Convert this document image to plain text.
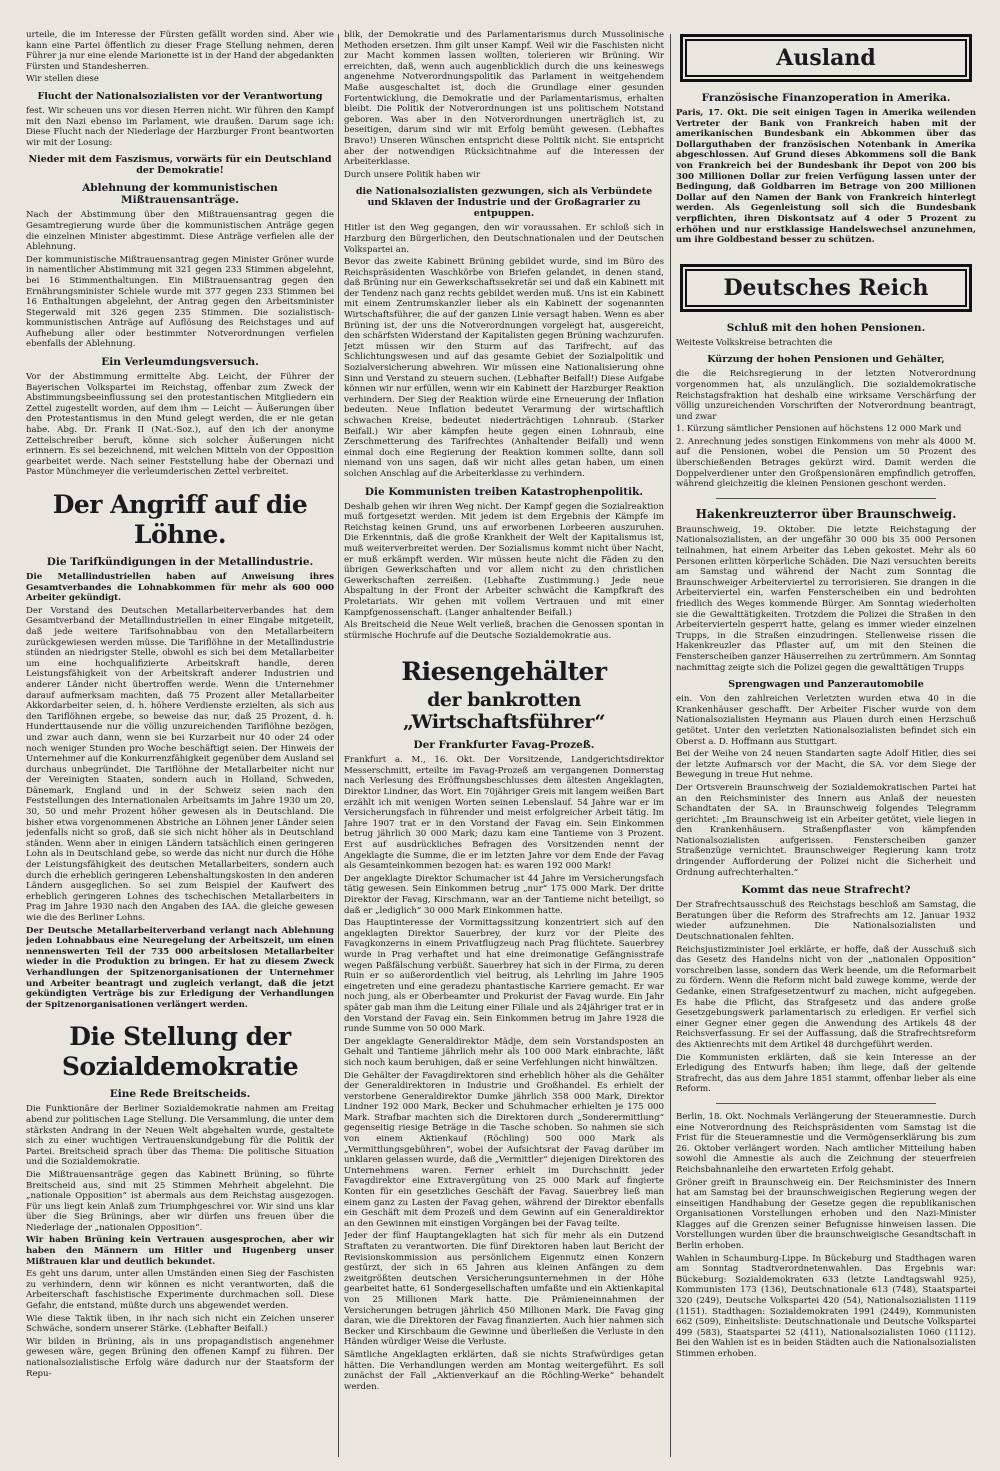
urteile, die im Interesse der Fürsten gefällt worden sind. Aber wie kann eine Partei öffentlich zu dieser Frage Stellung nehmen, deren Führer ja nur eine elende Marionette ist in der Hand der abgedankten Fürsten und Standesherren.

Wir stellen diese

Flucht der Nationalsozialisten vor der Verantwortung

fest. Wir scheuen uns vor diesen Herren nicht. Wir führen den Kampf mit den Nazi ebenso im Parlament, wie draußen. Darum sage ich: Diese Flucht nach der Niederlage der Harzburger Front beantworten wir mit der Losung:

Nieder mit dem Faszismus, vorwärts für ein Deutschland der Demokratie!
Ablehnung der kommunistischen Mißtrauensanträge.

Nach der Abstimmung über den Mißtrauensantrag gegen die Gesamtregierung wurde über die kommunistischen Anträge gegen die einzelnen Minister abgestimmt. Diese Anträge verfielen alle der Ablehnung.

Der kommunistische Mißtrauensantrag gegen Minister Gröner wurde in namentlicher Abstimmung mit 321 gegen 233 Stimmen abgelehnt, bei 16 Stimmenthaltungen. Ein Mißtrauensantrag gegen den Ernährungsminister Schiele wurde mit 377 gegen 233 Stimmen bei 16 Enthaltungen abgelehnt, der Antrag gegen den Arbeitsminister Stegerwald mit 326 gegen 235 Stimmen. Die sozialistisch-kommunistischen Anträge auf Auflösung des Reichstages und auf Aufhebung aller oder bestimmter Notverordnungen verfielen ebenfalls der Ablehnung.

Ein Verleumdungsversuch.

Vor der Abstimmung ermittelte Abg. Leicht, der Führer der Bayerischen Volkspartei im Reichstag, offenbar zum Zweck der Abstimmungsbeeinflussung sei den protestantischen Mitgliedern ein Zettel zugestellt worden, auf dem ihm — Leicht — Äußerungen über den Protestantismus in den Mund gelegt werden, die er nie getan habe. Abg. Dr. Frank II (Nat.-Soz.), auf den ich der anonyme Zettelschreiber beruft, könne sich solcher Äußerungen nicht erinnern. Es sei bezeichnend, mit welchen Mitteln von der Opposition gearbeitet werde. Nach seiner Feststellung habe der Obernazi und Pastor Münchmeyer die verleumderischen Zettel verbreitet.

Der Angriff auf die Löhne.
Die Tarifkündigungen in der Metallindustrie.

Die Metallindustriellen haben auf Anweisung ihres Gesamtverbandes die Lohnabkommen für mehr als 600 000 Arbeiter gekündigt.

Der Vorstand des Deutschen Metallarbeiterverbandes hat dem Gesamtverband der Metallindustriellen in einer Eingabe mitgeteilt, daß jede weitere Tarifsohnabbau von den Metallarbeitern zurückgewiesen werden müsse. Die Tariflöhne in der Metallindustrie stünden an niedrigster Stelle, obwohl es sich bei dem Metallarbeiter um eine hochqualifizierte Arbeitskraft handle, deren Leistungsfähigkeit von der Arbeitskraft anderer Industrien und anderer Länder nicht übertroffen werde. Wenn die Unternehmer darauf aufmerksam machten, daß 75 Prozent aller Metallarbeiter Akkordarbeiter seien, d. h. höhere Verdienste erzielten, als sich aus den Tariflöhnen ergebe, so beweise das nur, daß 25 Prozent, d. h. Hunderttausende nur die völlig unzureichenden Tariflöhne bezögen, und zwar auch dann, wenn sie bei Kurzarbeit nur 40 oder 24 oder noch weniger Stunden pro Woche beschäftigt seien. Der Hinweis der Unternehmer auf die Konkurrenzfähigkeit gegenüber dem Ausland sei durchaus unbegründet. Die Tariflöhne der Metallarbeiter nicht nur der Vereinigten Staaten, sondern auch in Holland, Schweden, Dänemark, England und in der Schweiz seien nach den Feststellungen des Internationalen Arbeitsamts im Jahre 1930 um 20, 30, 50 und mehr Prozent höher gewesen als in Deutschland. Die bisher etwa vorgenommenen Abstriche an Löhnen jener Länder seien jedenfalls nicht so groß, daß sie sich nicht höher als in Deutschland ständen. Wenn aber in einigen Ländern tatsächlich einen geringeren Lohn als in Deutschland gebe, so werde das nicht nur durch die Höhe der Leistungsfähigkeit des deutschen Metallarbeiters, sondern auch durch die erheblich geringeren Lebenshaltungskosten in den anderen Ländern ausgeglichen. So sei zum Beispiel der Kaufwert des erheblich geringeren Lohnes des tschechischen Metallarbeiters in Prag im Jahre 1930 nach den Angaben des IAA. die gleiche gewesen wie die des Berliner Lohns.

Der Deutsche Metallarbeiterverband verlangt nach Ablehnung jeden Lohnabbaus eine Neuregelung der Arbeitszeit, um einen nennenswerten Teil der 735 000 arbeitslosen Metallarbeiter wieder in die Produktion zu bringen. Er hat zu diesem Zweck Verhandlungen der Spitzenorganisationen der Unternehmer und Arbeiter beantragt und zugleich verlangt, daß die jetzt gekündigten Verträge bis zur Erledigung der Verhandlungen der Spitzenorganisationen verlängert werden.

Die Stellung der Sozialdemokratie
Eine Rede Breitscheids.

Die Funktionäre der Berliner Sozialdemokratie nahmen am Freitag abend zur politischen Lage Stellung. Die Versammlung, die unter dem stärksten Andrang in der Neuen Welt abgehalten wurde, gestaltete sich zu einer wuchtigen Vertrauenskundgebung für die Politik der Partei. Breitscheid sprach über das Thema: Die politische Situation und die Sozialdemokratie.

Die Mißtrauensanträge gegen das Kabinett Brüning, so führte Breitscheid aus, sind mit 25 Stimmen Mehrheit abgelehnt. Die „nationale Opposition“ ist abermals aus dem Reichstag ausgezogen. Für uns liegt kein Anlaß zum Triumphgeschrei vor. Wir sind uns klar über die Sieg Brünings, aber wir dürfen uns freuen über die Niederlage der „nationalen Opposition“.

Wir haben Brüning kein Vertrauen ausgesprochen, aber wir haben den Männern um Hitler und Hugenberg unser Mißtrauen klar und deutlich bekundet.

Es geht uns darum, unter allen Umständen einen Sieg der Faschisten zu verhindern, denn wir können es nicht verantworten, daß die Arbeiterschaft faschistische Experimente durchmachen soll. Diese Gefahr, die entstand, müßte durch uns abgewendet werden.

Wie diese Taktik üben, in ihr nach sich nicht ein Zeichen unserer Schwäche, sondern unserer Stärke. (Lebhafter Beifall.)

Wir bilden in Brüning, als in uns propagandistisch angenehmer gewesen wäre, gegen Brüning den offenen Kampf zu führen. Der nationalsozialistische Erfolg wäre dadurch nur der Staatsform der Repu-

blik, der Demokratie und des Parlamentarismus durch Mussolinische Methoden ersetzen. Ihm gilt unser Kampf. Weil wir die Faschisten nicht zur Macht kommen lassen wollten, tolerieren wir Brüning. Wir erreichten, daß, wenn auch augenblicklich durch die uns keineswegs angenehme Notverordnungspolitik das Parlament in weitgehendem Maße ausgeschaltet ist, doch die Grundlage einer gesunden Fortentwicklung, die Demokratie und der Parlamentarismus, erhalten bleibt. Die Politik der Notverordnungen ist uns politischem Notstand geboren. Was aber in den Notverordnungen unerträglich ist, zu beseitigen, darum sind wir mit Erfolg bemüht gewesen. (Lebhaftes Bravo!) Unseren Wünschen entspricht diese Politik nicht. Sie entspricht aber der notwendigen Rücksichtnahme auf die Interessen der Arbeiterklasse.

Durch unsere Politik haben wir

die Nationalsozialisten gezwungen, sich als Verbündete und Sklaven der Industrie und der Großagrarier zu entpuppen.

Hitler ist den Weg gegangen, den wir voraussahen. Er schloß sich in Harzburg den Bürgerlichen, den Deutschnationalen und der Deutschen Volkspartei an.

Bevor das zweite Kabinett Brüning gebildet wurde, sind im Büro des Reichspräsidenten Waschkörbe von Briefen gelandet, in denen stand, daß Brüning nur ein Gewerkschaftssekretär sei und daß ein Kabinett mit der Tendenz nach ganz rechts gebildet werden muß. Uns ist ein Kabinett mit einem Zentrumskanzler lieber als ein Kabinett der sogenannten Wirtschaftsführer, die auf der ganzen Linie versagt haben. Wenn es aber Brüning ist, der uns die Notverordnungen vorgelegt hat, ausgereicht, den schärfsten Widerstand der Kapitalisten gegen Brüning wachzurufen. Jetzt müssen wir den Sturm auf das Tarifrecht, auf das Schlichtungswesen und auf das gesamte Gebiet der Sozialpolitik und Sozialversicherung abwehren. Wir müssen eine Nationalisierung ohne Sinn und Verstand zu steuern suchen. (Lebhafter Beifall!) Diese Aufgabe können wir nur erfüllen, wenn wir ein Kabinett der Harzburger Reaktion verhindern. Der Sieg der Reaktion würde eine Erneuerung der Inflation bedeuten. Neue Inflation bedeutet Verarmung der wirtschaftlich schwachen Kreise, bedeutet niederträchtigen Lohnraub. (Starker Beifall.) Wir aber kämpfen heute gegen einen Lohnraub, eine Zerschmetterung des Tarifrechtes (Anhaltender Beifall) und wenn einmal doch eine Regierung der Reaktion kommen sollte, dann soll niemand von uns sagen, daß wir nicht alles getan haben, um einen solchen Anschlag auf die Arbeiterklasse zu verhindern.

Die Kommunisten treiben Katastrophenpolitik.

Deshalb gehen wir ihren Weg nicht. Der Kampf gegen die Sozialreaktion muß fortgesetzt werden. Mit jedem ist dem Ergebnis der Kämpfe im Reichstag keinen Grund, uns auf erworbenen Lorbeeren auszuruhen. Die Erkenntnis, daß die große Krankheit der Welt der Kapitalismus ist, muß weiterverbreitet werden. Der Sozialismus kommt nicht über Nacht, er muß erkämpft werden. Wir müssen heute nicht die Fäden zu den übrigen Gewerkschaften und vor allem nicht zu den christlichen Gewerkschaften zerreißen. (Lebhafte Zustimmung.) Jede neue Abspaltung in der Front der Arbeiter schwächt die Kampfkraft des Proletariats. Wir gehen mit vollem Vertrauen und mit einer Kampfgenossenschaft. (Langer anhaltender Beifall.)

Als Breitscheid die Neue Welt verließ, brachen die Genossen spontan in stürmische Hochrufe auf die Deutsche Sozialdemokratie aus.

Riesengehälter
der bankrotten „Wirtschaftsführer“
Der Frankfurter Favag-Prozeß.

Frankfurt a. M., 16. Okt. Der Vorsitzende, Landgerichtsdirektor Messerschmitt, erteilte im Favag-Prozeß am vergangenen Donnerstag nach Verlesung des Eröffnungsbeschlusses dem ältesten Angeklagten, Direktor Lindner, das Wort. Ein 70jähriger Greis mit langem weißen Bart erzählt ich mit wenigen Worten seinen Lebenslauf. 54 Jahre war er im Versicherungsfach in führender und meist erfolgreicher Arbeit tätig. Im Jahre 1907 trat er in den Vorstand der Favag ein. Sein Einkommen betrug jährlich 30 000 Mark; dazu kam eine Tantieme von 3 Prozent. Erst auf ausdrückliches Befragen des Vorsitzenden nennt der Angeklagte die Summe, die er im letzten Jahre vor dem Ende der Favag als Gesamteinkommen bezogen hat: es waren 192 000 Mark!

Der angeklagte Direktor Schumacher ist 44 Jahre im Versicherungsfach tätig gewesen. Sein Einkommen betrug „nur“ 175 000 Mark. Der dritte Direktor der Favag, Kirschmann, war an der Tantieme nicht beteiligt, so daß er „lediglich“ 30 000 Mark Einkommen hatte.

Das Hauptinteresse der Vormittagssitzung konzentriert sich auf den angeklagten Direktor Sauerbrey, der kurz vor der Pleite des Favagkonzerns in einem Privatflugzeug nach Prag flüchtete. Sauerbrey wurde in Prag verhaftet und hat eine dreimonatige Gefängnisstrafe wegen Paßfälschung verbüßt. Sauerbrey hat sich in der Firma, zu deren Ruin er so außerordentlich viel beitrug, als Lehrling im Jahre 1905 eingetreten und eine geradezu phantastische Karriere gemacht. Er war noch jung, als er Oberbeamter und Prokurist der Favag wurde. Ein Jahr später gab man ihm die Leitung einer Filiale und als 24jähriger trat er in den Vorstand der Favag ein. Sein Einkommen betrug im Jahre 1928 die runde Summe von 50 000 Mark.

Der angeklagte Generaldirektor Mädje, dem sein Vorstandsposten an Gehalt und Tantieme jährlich mehr als 100 000 Mark einbrachte, läßt sich noch kaum beruhigen, daß er seine Verfehlungen nicht hinwältzen.

Die Gehälter der Favagdirektoren sind erheblich höher als die Gehälter der Generaldirektoren in Industrie und Großhandel. Es erhielt der verstorbene Generaldirektor Dumke jährlich 358 000 Mark, Direktor Lindner 192 000 Mark, Becker und Schuhmacher erhielten je 175 000 Mark. Strafbar machten sich die Direktoren durch „Sonderermittlung“ gegenseitig riesige Beträge in die Tasche schoben. So nahmen sie sich von einem Aktienkauf (Röchling) 500 000 Mark als „Vermittlungsgebühren“, wobei der Aufsichtsrat der Favag darüber im unklaren gelassen wurde, daß die „Vermittler“ diejenigen Direktoren des Unternehmens waren. Ferner erhielt im Durchschnitt jeder Favagdirektor eine Extravergütung von 25 000 Mark auf fingierte Konten für ein gesetzliches Geschäft der Favag. Sauerbrey ließ man einem ganz zu Lasten der Favag gehen, während der Direktor ebenfalls ein Geschäft mit dem Prozeß und dem Gewinn auf ein Generaldirektor an den Gewinnen mit einstigen Vorgängen bei der Favag teilte.

Jeder der fünf Hauptangeklagten hat sich für mehr als ein Dutzend Straftaten zu verantworten. Die fünf Direktoren haben laut Bericht der Revisionskommission aus persönlichem Eigennutz einen Konzern gestürzt, der sich in 65 Jahren aus kleinen Anfängen zu dem zweitgrößten deutschen Versicherungsunternehmen in der Höhe gearbeitet hatte, 61 Sondergesellschaften umfaßte und ein Aktienkapital von 25 Millionen Mark hatte. Die Prämieneinnahmen der Versicherungen betrugen jährlich 450 Millionen Mark. Die Favag ging daran, wie die Direktoren der Favag finanzierten. Auch hier nahmen sich Becker und Kirschbaum die Gewinne und überließen die Verluste in den Händen würdiger Weise die Verluste.

Sämtliche Angeklagten erklärten, daß sie nichts Strafwürdiges getan hätten. Die Verhandlungen werden am Montag weitergeführt. Es soll zunächst der Fall „Aktienverkauf an die Röchling-Werke“ behandelt werden.

Ausland
Französische Finanzoperation in Amerika.

Paris, 17. Okt. Die seit einigen Tagen in Amerika weilenden Vertreter der Bank von Frankreich haben mit der amerikanischen Bundesbank ein Abkommen über das Dollarguthaben der französischen Notenbank in Amerika abgeschlossen. Auf Grund dieses Abkommens soll die Bank von Frankreich bei der Bundesbank ihr Depot von 200 bis 300 Millionen Dollar zur freien Verfügung lassen unter der Bedingung, daß Goldbarren im Betrage von 200 Millionen Dollar auf den Namen der Bank von Frankreich hinterlegt werden. Als Gegenleistung soll sich die Bundesbank verpflichten, ihren Diskontsatz auf 4 oder 5 Prozent zu erhöhen und nur erstklassige Handelswechsel anzunehmen, um ihre Goldbestand besser zu schützen.

Deutsches Reich
Schluß mit den hohen Pensionen.

Weiteste Volkskreise betrachten die

Kürzung der hohen Pensionen und Gehälter,

die die Reichsregierung in der letzten Notverordnung vorgenommen hat, als unzulänglich. Die sozialdemokratische Reichstagsfraktion hat deshalb eine wirksame Verschärfung der völlig unzureichenden Vorschriften der Notverordnung beantragt, und zwar

1. Kürzung sämtlicher Pensionen auf höchstens 12 000 Mark und

2. Anrechnung jedes sonstigen Einkommens von mehr als 4000 M. auf die Pensionen, wobei die Pension um 50 Prozent des überschießenden Betrages gekürzt wird. Damit werden die Doppelverdiener unter den Großpensionären empfindlich getroffen, während gleichzeitig die kleinen Pensionen geschont werden.

Hakenkreuzterror über Braunschweig.

Braunschweig, 19. Oktober. Die letzte Reichstagung der Nationalsozialisten, an der ungefähr 30 000 bis 35 000 Personen teilnahmen, hat einem Arbeiter das Leben gekostet. Mehr als 60 Personen erlitten körperliche Schäden. Die Nazi versuchten bereits am Samstag und während der Nacht zum Sonntag die Braunschweiger Arbeiterviertel zu terrorisieren. Sie drangen in die Arbeiterviertel ein, warfen Fensterscheiben ein und bedrohten friedlich des Weges kommende Bürger. Am Sonntag wiederholten sie die Gewalttätigkeiten. Trotzdem die Polizei die Straßen in den Arbeitervierteln gesperrt hatte, gelang es immer wieder einzelnen Trupps, in die Straßen einzudringen. Stellenweise rissen die Hakenkreuzler das Pflaster auf, um mit den Steinen die Fensterscheiben ganzer Häuserreihen zu zertrümmern. Am Sonntag nachmittag zeigte sich die Polizei gegen die gewalttätigen Trupps

Sprengwagen und Panzerautomobile

ein. Von den zahlreichen Verletzten wurden etwa 40 in die Krankenhäuser geschafft. Der Arbeiter Fischer wurde von dem Nationalsozialisten Heymann aus Plauen durch einen Herzschuß getötet. Unter den verletzten Nationalsozialisten befindet sich ein Oberst a. D. Hoffmann aus Stuttgart.

Bei der Weihe von 24 neuen Standarten sagte Adolf Hitler, dies sei der letzte Aufmarsch vor der Macht, die SA. vor dem Siege der Bewegung in treue Hut nehme.

Der Ortsverein Braunschweig der Sozialdemokratischen Partei hat an den Reichsminister des Innern aus Anlaß der neuesten Schandtaten der SA. in Braunschweig folgendes Telegramm gerichtet: „Im Braunschweig ist ein Arbeiter getötet, viele liegen in den Krankenhäusern. Straßenpflaster von kämpfenden Nationalsozialisten aufgerissen. Fensterscheiben ganzer Straßenzüge vernichtet. Braunschweiger Regierung kann trotz dringender Aufforderung der Polizei nicht die Sicherheit und Ordnung aufrechterhalten.“

Kommt das neue Strafrecht?

Der Strafrechtsausschuß des Reichstags beschloß am Samstag, die Beratungen über die Reform des Strafrechts am 12. Januar 1932 wieder aufzunehmen. Die Nationalsozialisten und Deutschnationalen fehlten.

Reichsjustizminister Joel erklärte, er hoffe, daß der Ausschuß sich das Gesetz des Handelns nicht von der „nationalen Opposition“ vorschreiben lasse, sondern das Werk beende, um die Reformarbeit zu fördern. Wenn die Reform nicht bald zuwege komme, werde der Gedanke, einen Strafgesetzentwurf zu machen, nicht aufgegeben. Es habe die Pflicht, das Strafgesetz und das andere große Gesetzgebungswerk parlamentarisch zu erledigen. Er verfiel sich einer Gegner einer gegen die Anwendung des Artikels 48 der Reichsverfassung. Er sei der Auffassung, daß die Strafrechtsreform des Aktienrechts mit dem Artikel 48 durchgeführt werden.

Die Kommunisten erklärten, daß sie kein Interesse an der Erledigung des Entwurfs haben; ihm liege, daß der geltende Strafrecht, das aus dem Jahre 1851 stammt, offenbar lieber als eine Reform.

Berlin, 18. Okt. Nochmals Verlängerung der Steueramnestie. Durch eine Notverordnung des Reichspräsidenten vom Samstag ist die Frist für die Steueramnestie und die Vermögenserklärung bis zum 26. Oktober verlängert worden. Nach amtlicher Mitteilung haben sowohl die Amnestie als auch die Zeichnung der steuerfreien Reichsbahnanleihe den erwarteten Erfolg gehabt.

Gröner greift in Braunschweig ein. Der Reichsminister des Innern hat am Samstag bei der braunschweigischen Regierung wegen der einseitigen Handhabung der Gesetze gegen die republikanischen Organisationen Vorstellungen erhoben und den Nazi-Minister Klagges auf die Grenzen seiner Befugnisse hinweisen lassen. Die Vorstellungen wurden über die braunschweigische Gesandtschaft in Berlin erhoben.

Wahlen in Schaumburg-Lippe. In Bückeburg und Stadthagen waren am Sonntag Stadtverordnetenwahlen. Das Ergebnis war: Bückeburg: Sozialdemokraten 633 (letzte Landtagswahl 925), Kommunisten 173 (136), Deutschnationale 613 (748), Staatspartei 320 (249), Deutsche Volkspartei 420 (54), Nationalsozialisten 1119 (1151). Stadthagen: Sozialdemokraten 1991 (2449), Kommunisten 662 (509), Einheitsliste: Deutschnationale und Deutsche Volkspartei 499 (583), Staatspartei 52 (411), Nationalsozialisten 1060 (1112). Bei den Wahlen ist es in beiden Städten auch die Nationalsozialisten Stimmen erhoben.
